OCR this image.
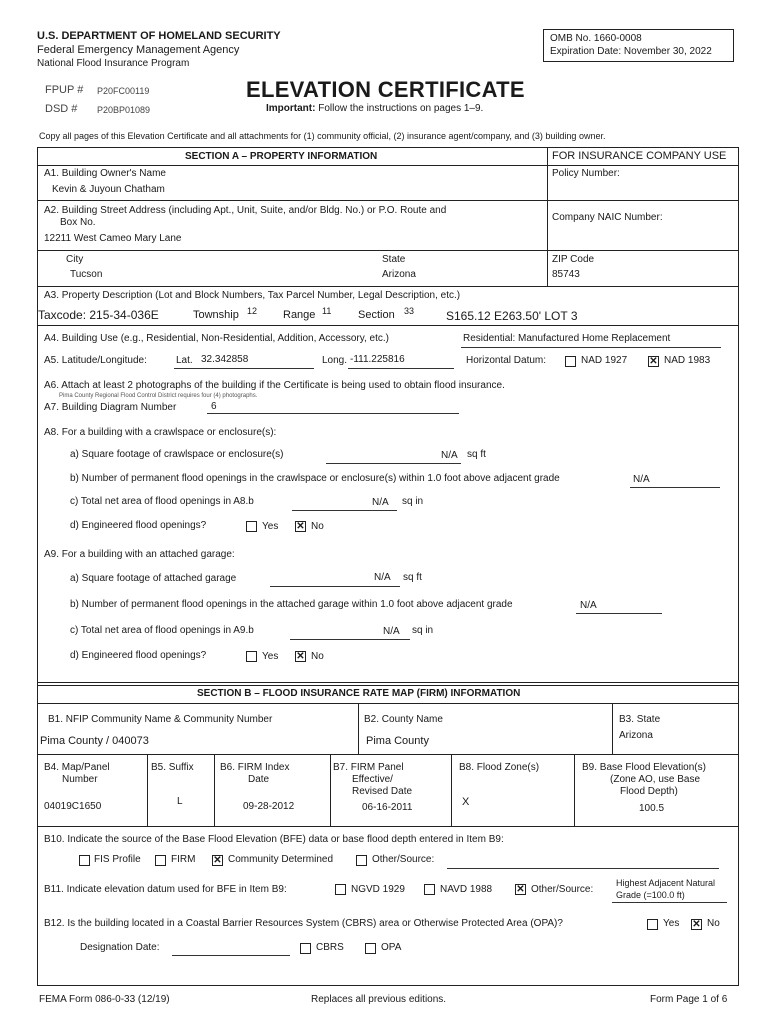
U.S. DEPARTMENT OF HOMELAND SECURITY
Federal Emergency Management Agency
National Flood Insurance Program
OMB No. 1660-0008
Expiration Date: November 30, 2022
FPUP # P20FC00119
DSD # P20BP01089
ELEVATION CERTIFICATE
Important: Follow the instructions on pages 1–9.
Copy all pages of this Elevation Certificate and all attachments for (1) community official, (2) insurance agent/company, and (3) building owner.
SECTION A – PROPERTY INFORMATION	FOR INSURANCE COMPANY USE
A1. Building Owner's Name
Kevin & Juyoun Chatham
Policy Number:
A2. Building Street Address (including Apt., Unit, Suite, and/or Bldg. No.) or P.O. Route and
Box No.
12211 West Cameo Mary Lane
Company NAIC Number:
City
Tucson
State
Arizona
ZIP Code
85743
A3. Property Description (Lot and Block Numbers, Tax Parcel Number, Legal Description, etc.)
Taxcode: 215-34-036E	Township 12 Range 11 Section 33	S165.12 E263.50' LOT 3
A4. Building Use (e.g., Residential, Non-Residential, Addition, Accessory, etc.)	Residential: Manufactured Home Replacement
A5. Latitude/Longitude:	Lat. 32.342858	Long. -111.225816	Horizontal Datum:	NAD 1927 ✕ NAD 1983
A6. Attach at least 2 photographs of the building if the Certificate is being used to obtain flood insurance.
Pima County Regional Flood Control District requires four (4) photographs.
A7. Building Diagram Number	6
A8. For a building with a crawlspace or enclosure(s):
a) Square footage of crawlspace or enclosure(s)	N/A sq ft
b) Number of permanent flood openings in the crawlspace or enclosure(s) within 1.0 foot above adjacent grade	N/A
c) Total net area of flood openings in A8.b	N/A sq in
d) Engineered flood openings?	Yes ✕ No
A9. For a building with an attached garage:
a) Square footage of attached garage	N/A sq ft
b) Number of permanent flood openings in the attached garage within 1.0 foot above adjacent grade	N/A
c) Total net area of flood openings in A9.b	N/A sq in
d) Engineered flood openings?	Yes ✕ No
SECTION B – FLOOD INSURANCE RATE MAP (FIRM) INFORMATION
B1. NFIP Community Name & Community Number
Pima County / 040073
B2. County Name
Pima County
B3. State
Arizona
B4. Map/Panel
Number
04019C1650
B5. Suffix
L
B6. FIRM Index
Date
09-28-2012
B7. FIRM Panel
Effective/
Revised Date
06-16-2011
B8. Flood Zone(s)
X
B9. Base Flood Elevation(s)
(Zone AO, use Base
Flood Depth)
100.5
B10. Indicate the source of the Base Flood Elevation (BFE) data or base flood depth entered in Item B9:
FIS Profile	FIRM ✕ Community Determined	Other/Source:
B11. Indicate elevation datum used for BFE in Item B9:	NGVD 1929	NAVD 1988 ✕ Other/Source:
Highest Adjacent Natural
Grade (=100.0 ft)
B12. Is the building located in a Coastal Barrier Resources System (CBRS) area or Otherwise Protected Area (OPA)?	Yes ✕ No
Designation Date:	CBRS	OPA
FEMA Form 086-0-33 (12/19)	Replaces all previous editions.	Form Page 1 of 6
